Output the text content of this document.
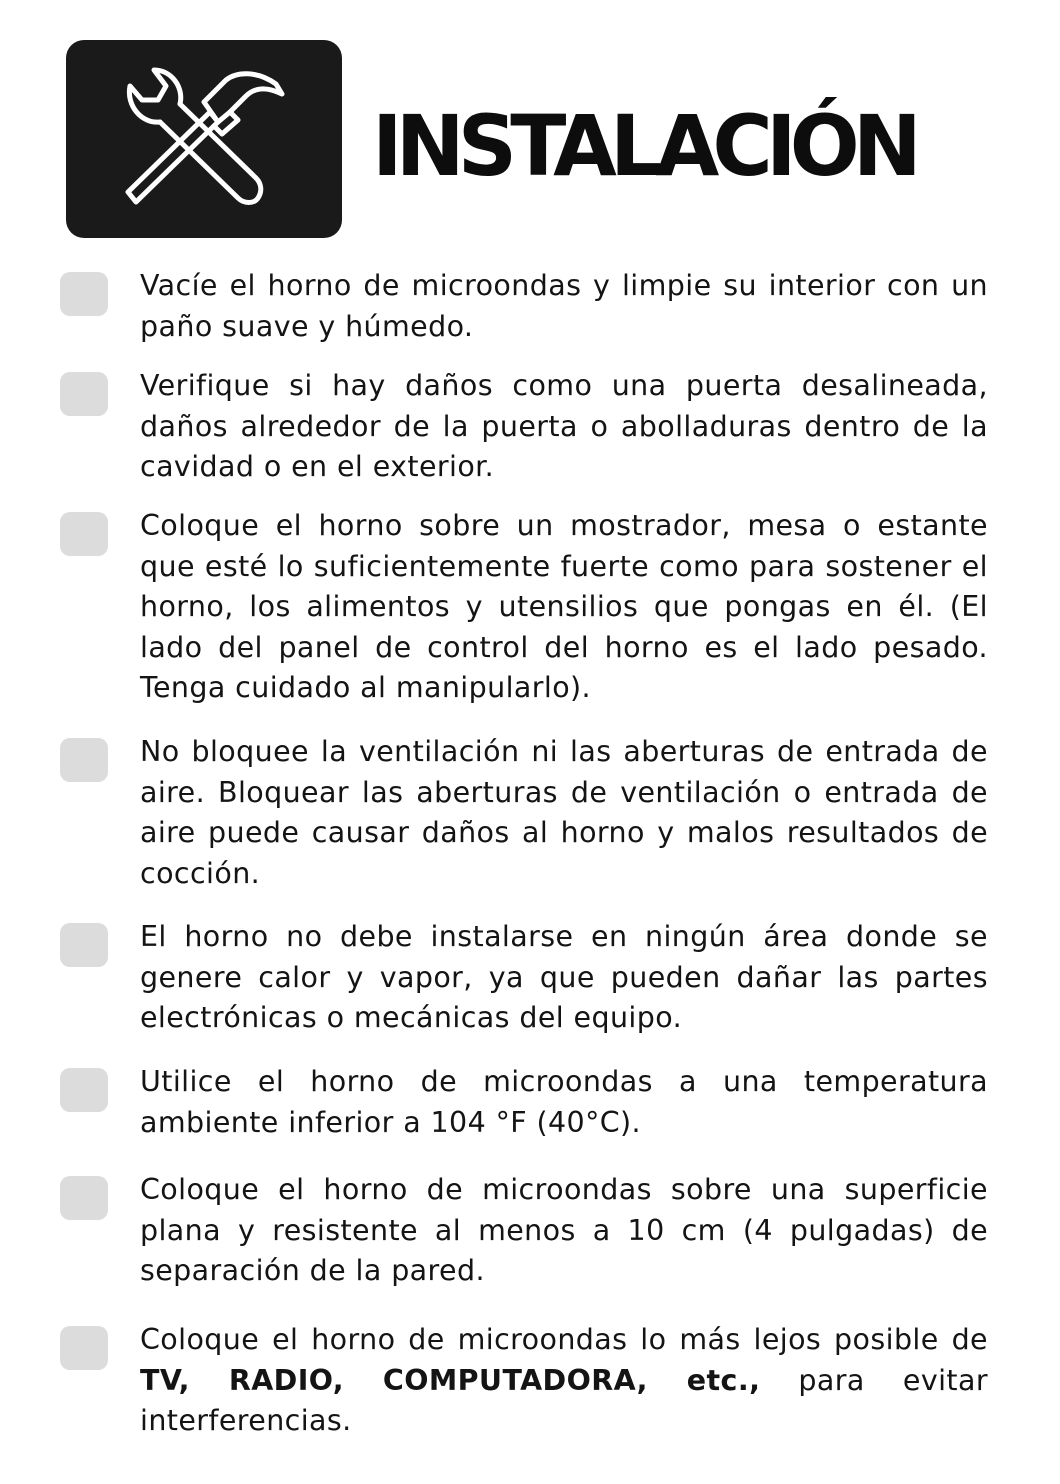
INSTALACIÓN

Vacíe el horno de microondas y limpie su interior con un paño suave y húmedo.

Verifique si hay daños como una puerta desalineada, daños alrededor de la puerta o abolladuras dentro de la cavidad o en el exterior.

Coloque el horno sobre un mostrador, mesa o estante que esté lo suficientemente fuerte como para sostener el horno, los alimentos y utensilios que pongas en él. (El lado del panel de control del horno es el lado pesado. Tenga cuidado al manipularlo).

No bloquee la ventilación ni las aberturas de entrada de aire. Bloquear las aberturas de ventilación o entrada de aire puede causar daños al horno y malos resultados de cocción.

El horno no debe instalarse en ningún área donde se genere calor y vapor, ya que pueden dañar las partes electrónicas o mecánicas del equipo.

Utilice el horno de microondas a una temperatura ambiente inferior a 104 °F (40°C).

Coloque el horno de microondas sobre una superficie plana y resistente al menos a 10 cm (4 pulgadas) de separación de la pared.

Coloque el horno de microondas lo más lejos posible de TV, RADIO, COMPUTADORA, etc., para evitar interferencias.
